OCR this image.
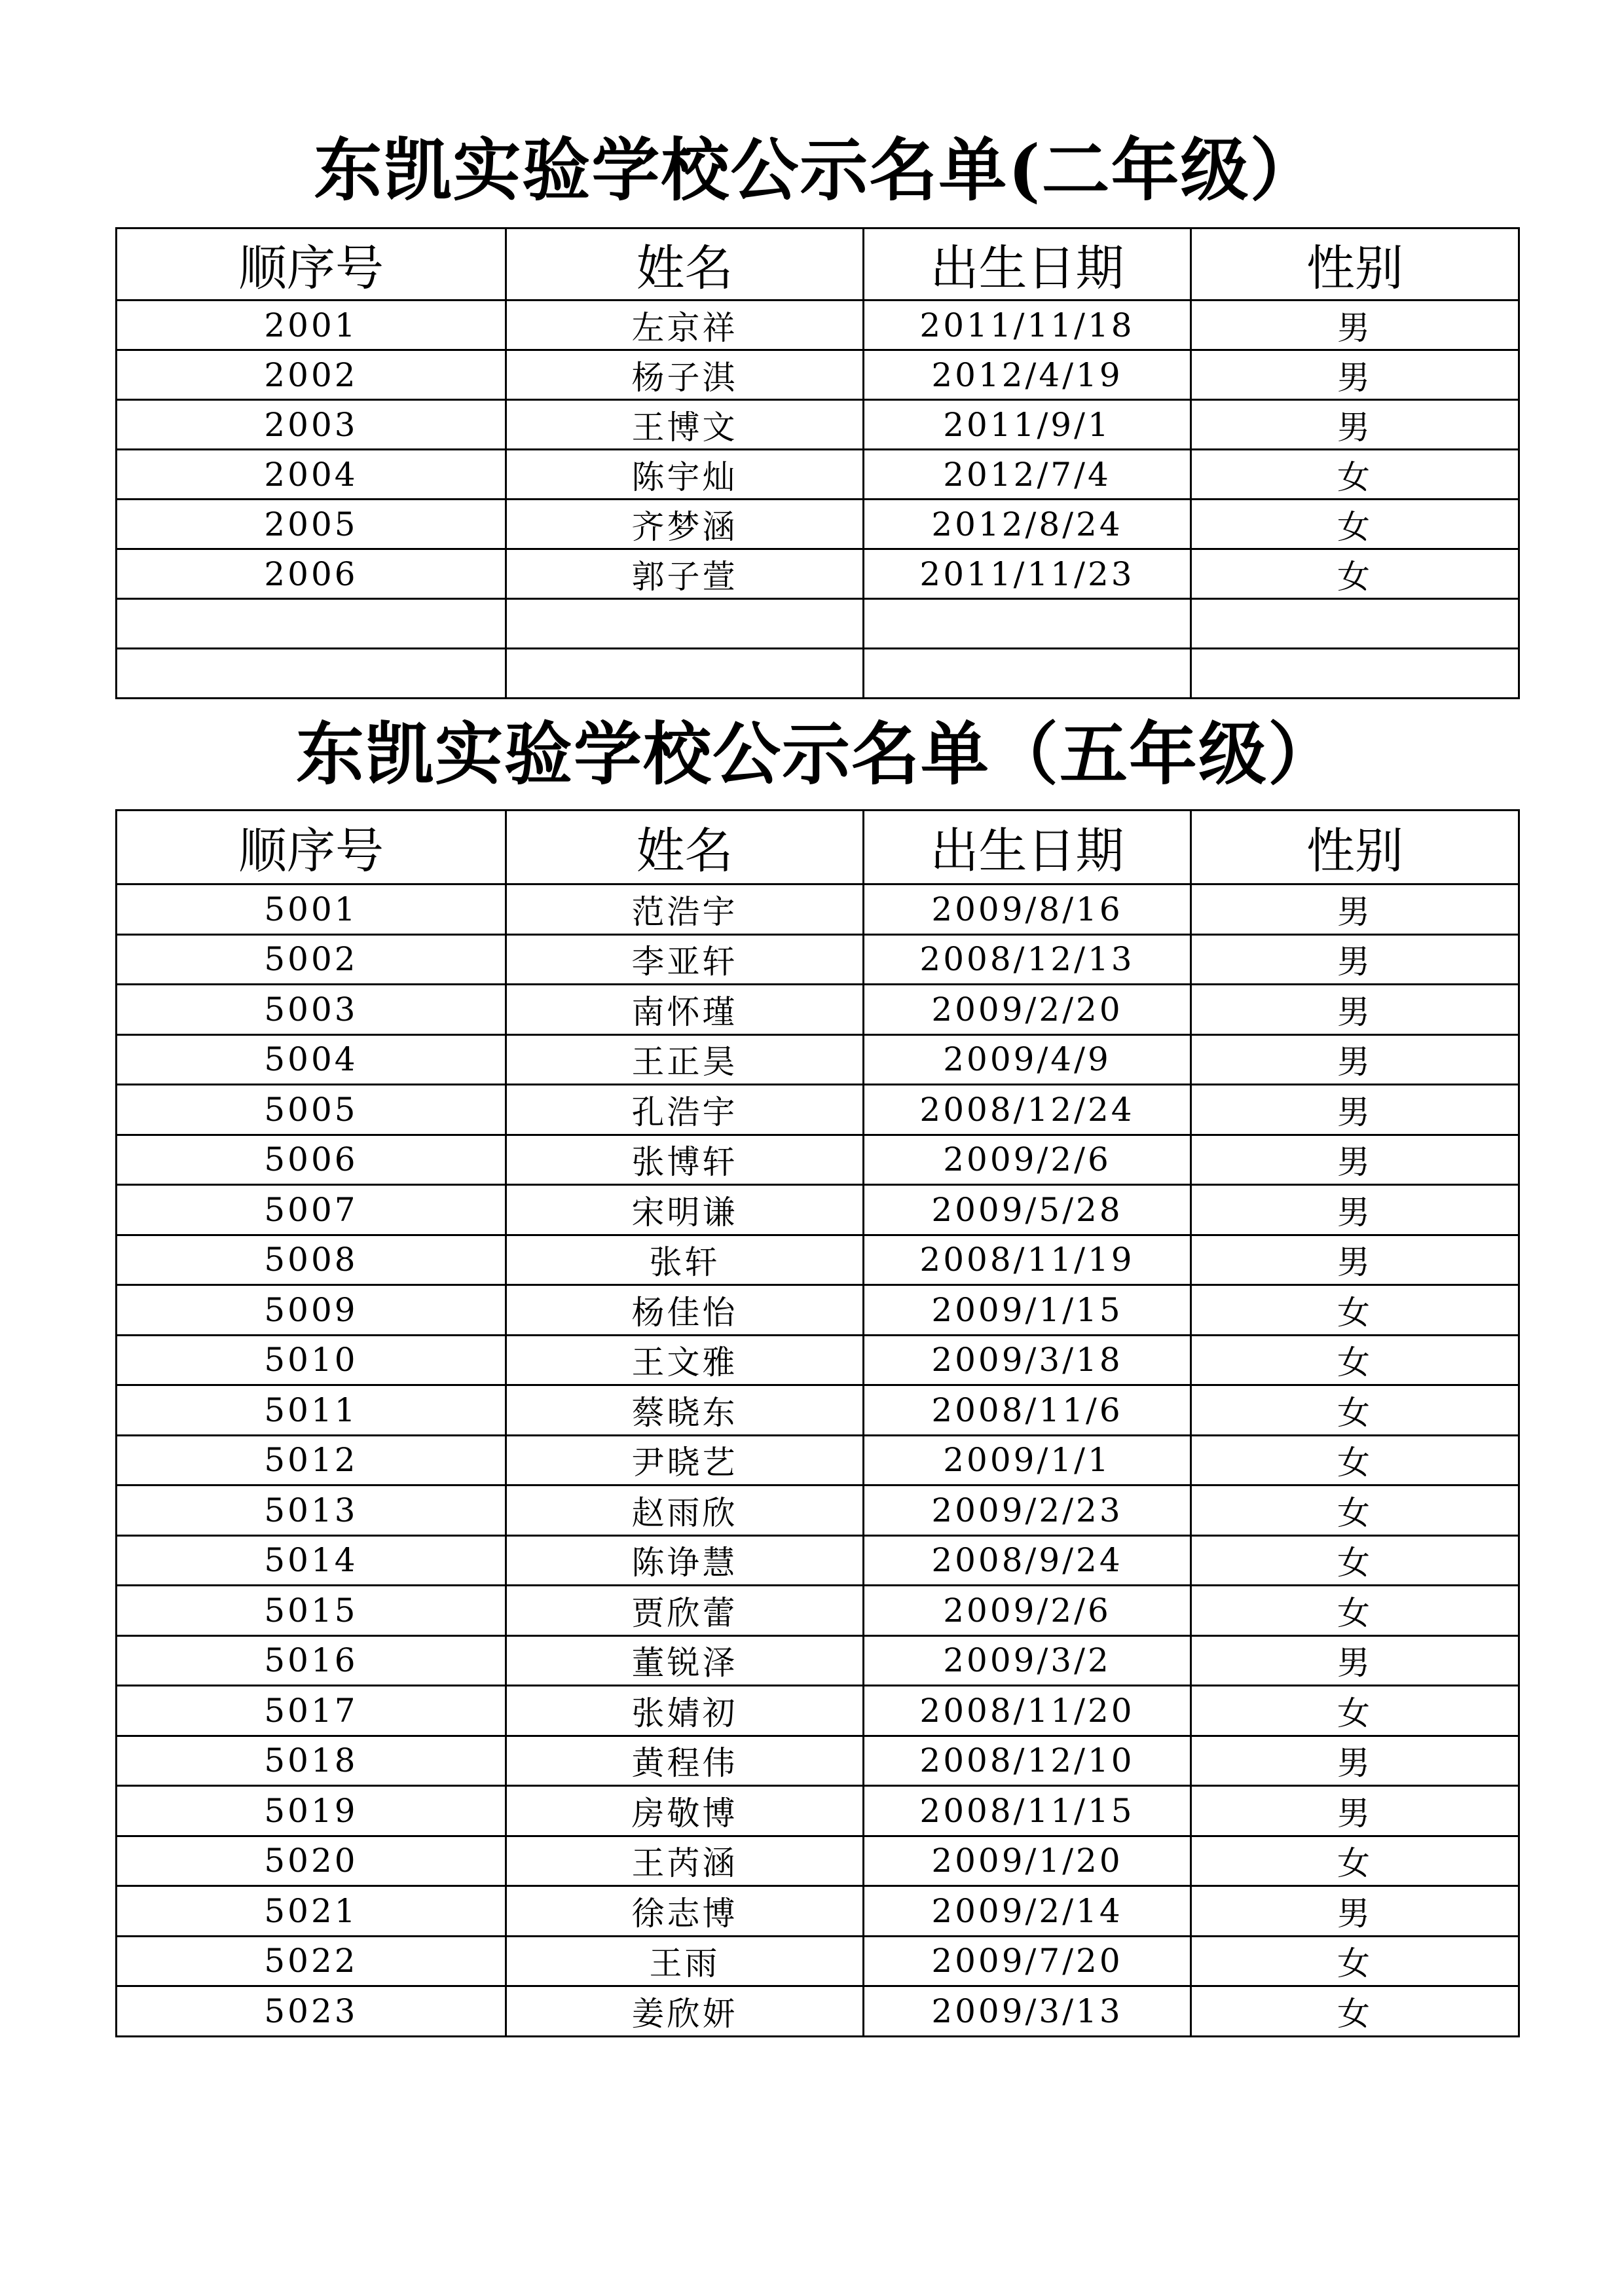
东凯实验学校公示名单(二年级）
顺序号	姓名	出生日期	性别
2001	左京祥	2011/11/18	男
2002	杨子淇	2012/4/19	男
2003	王博文	2011/9/1	男
2004	陈宇灿	2012/7/4	女
2005	齐梦涵	2012/8/24	女
2006	郭子萱	2011/11/23	女

东凯实验学校公示名单（五年级）
顺序号	姓名	出生日期	性别
5001	范浩宇	2009/8/16	男
5002	李亚轩	2008/12/13	男
5003	南怀瑾	2009/2/20	男
5004	王正昊	2009/4/9	男
5005	孔浩宇	2008/12/24	男
5006	张博轩	2009/2/6	男
5007	宋明谦	2009/5/28	男
5008	张轩	2008/11/19	男
5009	杨佳怡	2009/1/15	女
5010	王文雅	2009/3/18	女
5011	蔡晓东	2008/11/6	女
5012	尹晓艺	2009/1/1	女
5013	赵雨欣	2009/2/23	女
5014	陈诤慧	2008/9/24	女
5015	贾欣蕾	2009/2/6	女
5016	董锐泽	2009/3/2	男
5017	张婧初	2008/11/20	女
5018	黄程伟	2008/12/10	男
5019	房敬博	2008/11/15	男
5020	王芮涵	2009/1/20	女
5021	徐志博	2009/2/14	男
5022	王雨	2009/7/20	女
5023	姜欣妍	2009/3/13	女
